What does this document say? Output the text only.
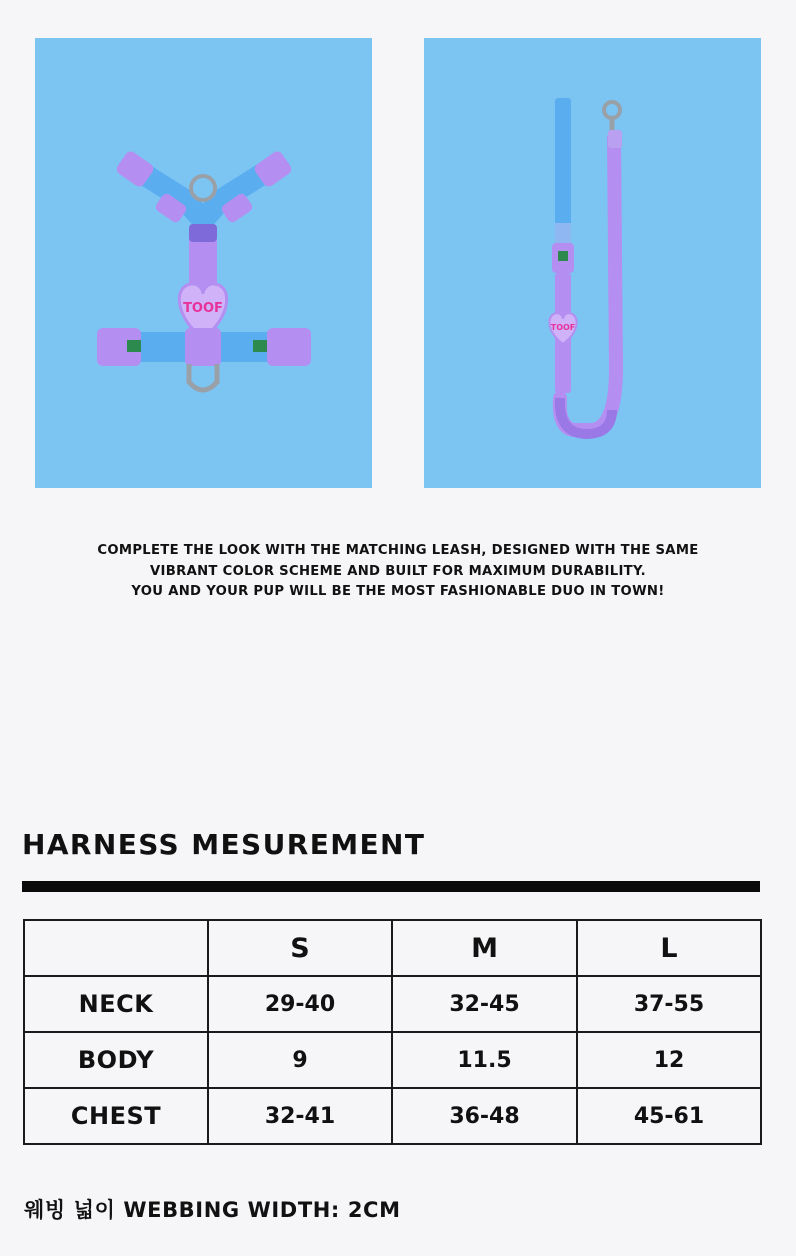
TOOF
TOOF
COMPLETE THE LOOK WITH THE MATCHING LEASH, DESIGNED WITH THE SAME
VIBRANT COLOR SCHEME AND BUILT FOR MAXIMUM DURABILITY.
YOU AND YOUR PUP WILL BE THE MOST FASHIONABLE DUO IN TOWN!
HARNESS MESUREMENT
	S	M	L
NECK	29-40	32-45	37-55
BODY	9	11.5	12
CHEST	32-41	36-48	45-61
웨빙 넓이 WEBBING WIDTH: 2CM
